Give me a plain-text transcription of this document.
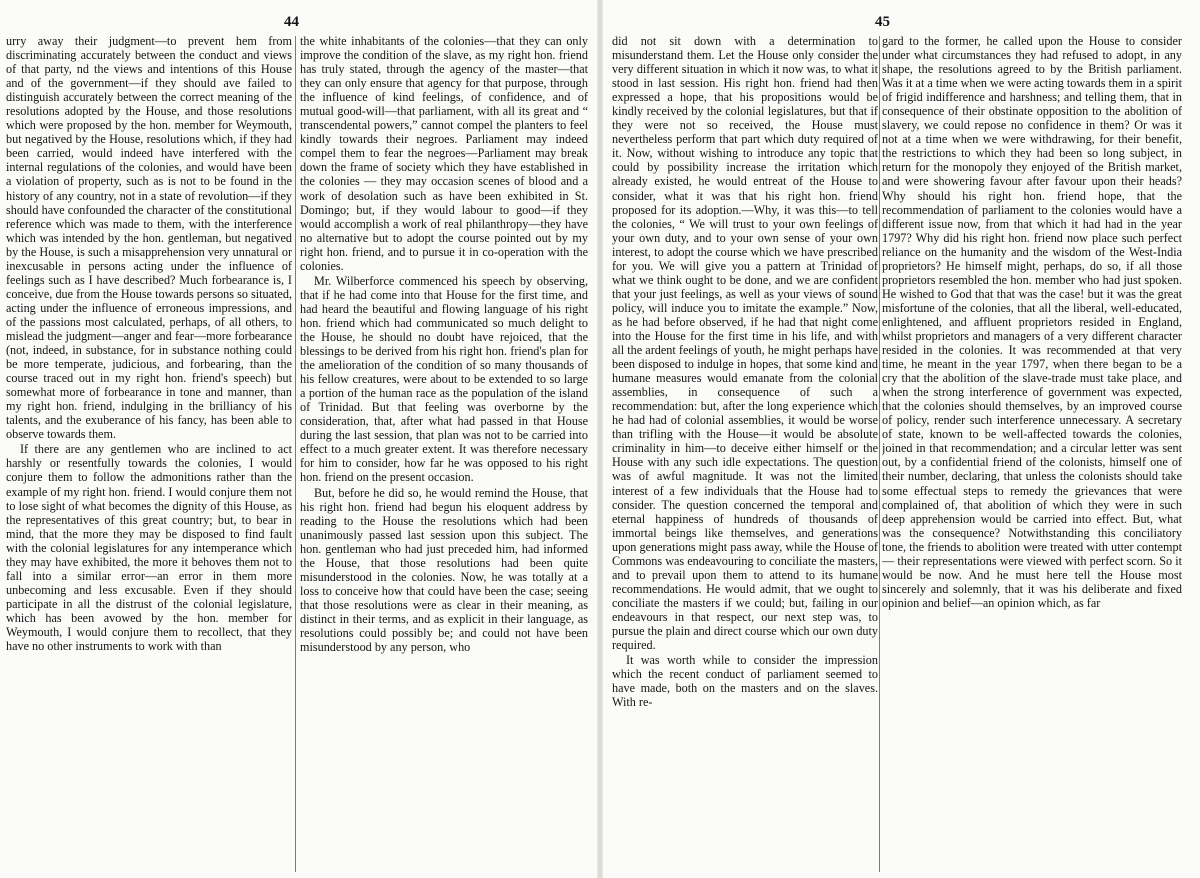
44

urry away their judgment—to prevent hem from discriminating accurately between the conduct and views of that party, nd the views and intentions of this House and of the government—if they should ave failed to distinguish accurately between the correct meaning of the resolutions adopted by the House, and those resolutions which were proposed by the hon. member for Weymouth, but negatived by the House, resolutions which, if they had been carried, would indeed have interfered with the internal regulations of the colonies, and would have been a violation of property, such as is not to be found in the history of any country, not in a state of revolution—if they should have confounded the character of the constitutional reference which was made to them, with the interference which was intended by the hon. gentleman, but negatived by the House, is such a misapprehension very unnatural or inexcusable in persons acting under the influence of feelings such as I have described? Much forbearance is, I conceive, due from the House towards persons so situated, acting under the influence of erroneous impressions, and of the passions most calculated, perhaps, of all others, to mislead the judgment—anger and fear—more forbearance (not, indeed, in substance, for in substance nothing could be more temperate, judicious, and forbearing, than the course traced out in my right hon. friend's speech) but somewhat more of forbearance in tone and manner, than my right hon. friend, indulging in the brilliancy of his talents, and the exuberance of his fancy, has been able to observe towards them.

If there are any gentlemen who are inclined to act harshly or resentfully towards the colonies, I would conjure them to follow the admonitions rather than the example of my right hon. friend. I would conjure them not to lose sight of what becomes the dignity of this House, as the representatives of this great country; but, to bear in mind, that the more they may be disposed to find fault with the colonial legislatures for any intemperance which they may have exhibited, the more it behoves them not to fall into a similar error—an error in them more unbecoming and less excusable. Even if they should participate in all the distrust of the colonial legislature, which has been avowed by the hon. member for Weymouth, I would conjure them to recollect, that they have no other instruments to work with than

the white inhabitants of the colonies—that they can only improve the condition of the slave, as my right hon. friend has truly stated, through the agency of the master—that they can only ensure that agency for that purpose, through the influence of kind feelings, of confidence, and of mutual good-will—that parliament, with all its great and “ transcendental powers,” cannot compel the planters to feel kindly towards their negroes. Parliament may indeed compel them to fear the negroes—Parliament may break down the frame of society which they have established in the colonies — they may occasion scenes of blood and a work of desolation such as have been exhibited in St. Domingo; but, if they would labour to good—if they would accomplish a work of real philanthropy—they have no alternative but to adopt the course pointed out by my right hon. friend, and to pursue it in co-operation with the colonies.

Mr. Wilberforce commenced his speech by observing, that if he had come into that House for the first time, and had heard the beautiful and flowing language of his right hon. friend which had communicated so much delight to the House, he should no doubt have rejoiced, that the blessings to be derived from his right hon. friend's plan for the amelioration of the condition of so many thousands of his fellow creatures, were about to be extended to so large a portion of the human race as the population of the island of Trinidad. But that feeling was overborne by the consideration, that, after what had passed in that House during the last session, that plan was not to be carried into effect to a much greater extent. It was therefore necessary for him to consider, how far he was opposed to his right hon. friend on the present occasion.

But, before he did so, he would remind the House, that his right hon. friend had begun his eloquent address by reading to the House the resolutions which had been unanimously passed last session upon this subject. The hon. gentleman who had just preceded him, had informed the House, that those resolutions had been quite misunderstood in the colonies. Now, he was totally at a loss to conceive how that could have been the case; seeing that those resolutions were as clear in their meaning, as distinct in their terms, and as explicit in their language, as resolutions could possibly be; and could not have been misunderstood by any person, who

45

did not sit down with a determination to misunderstand them. Let the House only consider the very different situation in which it now was, to what it stood in last session. His right hon. friend had then expressed a hope, that his propositions would be kindly received by the colonial legislatures, but that if they were not so received, the House must nevertheless perform that part which duty required of it. Now, without wishing to introduce any topic that could by possibility increase the irritation which already existed, he would entreat of the House to consider, what it was that his right hon. friend proposed for its adoption.—Why, it was this—to tell the colonies, “ We will trust to your own feelings of your own duty, and to your own sense of your own interest, to adopt the course which we have prescribed for you. We will give you a pattern at Trinidad of what we think ought to be done, and we are confident that your just feelings, as well as your views of sound policy, will induce you to imitate the example.” Now, as he had before observed, if he had that night come into the House for the first time in his life, and with all the ardent feelings of youth, he might perhaps have been disposed to indulge in hopes, that some kind and humane measures would emanate from the colonial assemblies, in consequence of such a recommendation: but, after the long experience which he had had of colonial assemblies, it would be worse than trifling with the House—it would be absolute criminality in him—to deceive either himself or the House with any such idle expectations. The question was of awful magnitude. It was not the limited interest of a few individuals that the House had to consider. The question concerned the temporal and eternal happiness of hundreds of thousands of immortal beings like themselves, and generations upon generations might pass away, while the House of Commons was endeavouring to conciliate the masters, and to prevail upon them to attend to its humane recommendations. He would admit, that we ought to conciliate the masters if we could; but, failing in our endeavours in that respect, our next step was, to pursue the plain and direct course which our own duty required.

It was worth while to consider the impression which the recent conduct of parliament seemed to have made, both on the masters and on the slaves. With re-

gard to the former, he called upon the House to consider under what circumstances they had refused to adopt, in any shape, the resolutions agreed to by the British parliament. Was it at a time when we were acting towards them in a spirit of frigid indifference and harshness; and telling them, that in consequence of their obstinate opposition to the abolition of slavery, we could repose no confidence in them? Or was it not at a time when we were withdrawing, for their benefit, the restrictions to which they had been so long subject, in return for the monopoly they enjoyed of the British market, and were showering favour after favour upon their heads? Why should his right hon. friend hope, that the recommendation of parliament to the colonies would have a different issue now, from that which it had had in the year 1797? Why did his right hon. friend now place such perfect reliance on the humanity and the wisdom of the West-India proprietors? He himself might, perhaps, do so, if all those proprietors resembled the hon. member who had just spoken. He wished to God that that was the case! but it was the great misfortune of the colonies, that all the liberal, well-educated, enlightened, and affluent proprietors resided in England, whilst proprietors and managers of a very different character resided in the colonies. It was recommended at that very time, he meant in the year 1797, when there began to be a cry that the abolition of the slave-trade must take place, and when the strong interference of government was expected, that the colonies should themselves, by an improved course of policy, render such interference unnecessary. A secretary of state, known to be well-affected towards the colonies, joined in that recommendation; and a circular letter was sent out, by a confidential friend of the colonists, himself one of their number, declaring, that unless the colonists should take some effectual steps to remedy the grievances that were complained of, that abolition of which they were in such deep apprehension would be carried into effect. But, what was the consequence? Notwithstanding this conciliatory tone, the friends to abolition were treated with utter contempt — their representations were viewed with perfect scorn. So it would be now. And he must here tell the House most sincerely and solemnly, that it was his deliberate and fixed opinion and belief—an opinion which, as far
